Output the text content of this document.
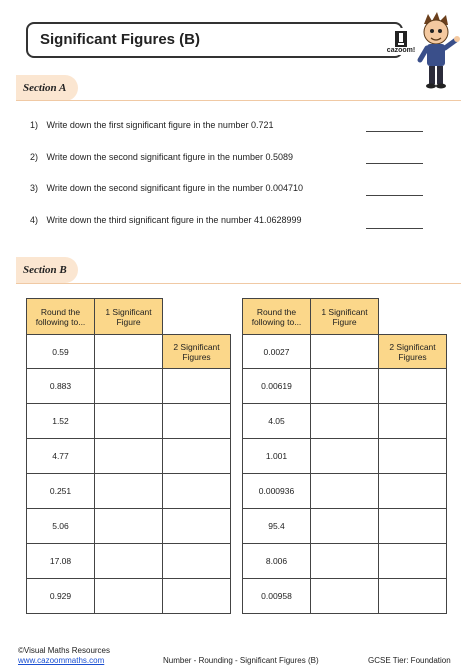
Significant Figures (B)
cazoom!
Section A
1) Write down the first significant figure in the number 0.721
2) Write down the second significant figure in the number 0.5089
3) Write down the second significant figure in the number 0.004710
4) Write down the third significant figure in the number 41.0628999
Section B
Round the following to...	1 Significant Figure	
0.59		2 Significant Figures
0.883		
1.52		
4.77		
0.251		
5.06		
17.08		
0.929		
Round the following to...	1 Significant Figure	
0.0027		2 Significant Figures
0.00619		
4.05		
1.001		
0.000936		
95.4		
8.006		
0.00958		
©Visual Maths Resources
www.cazoommaths.com	Number - Rounding - Significant Figures (B)	GCSE Tier: Foundation
